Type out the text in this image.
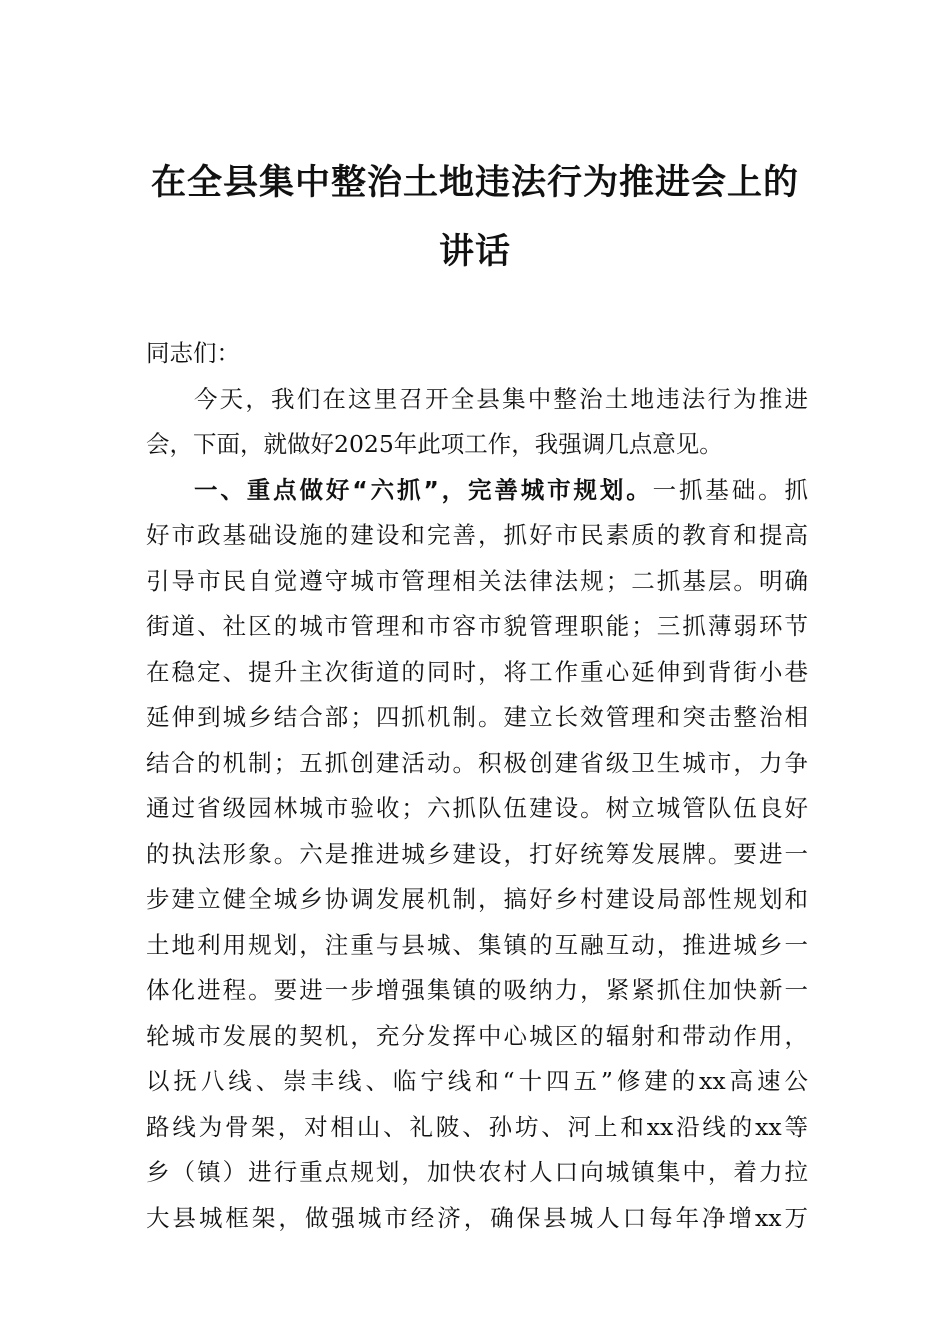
在全县集中整治土地违法行为推进会上的
讲话
同志们：
今天，我们在这里召开全县集中整治土地违法行为推进
会，下面，就做好2025年此项工作，我强调几点意见。
一、重点做好“六抓”，完善城市规划。一抓基础。抓
好市政基础设施的建设和完善，抓好市民素质的教育和提高
引导市民自觉遵守城市管理相关法律法规；二抓基层。明确
街道、社区的城市管理和市容市貌管理职能；三抓薄弱环节
在稳定、提升主次街道的同时，将工作重心延伸到背街小巷
延伸到城乡结合部；四抓机制。建立长效管理和突击整治相
结合的机制；五抓创建活动。积极创建省级卫生城市，力争
通过省级园林城市验收；六抓队伍建设。树立城管队伍良好
的执法形象。六是推进城乡建设，打好统筹发展牌。要进一
步建立健全城乡协调发展机制，搞好乡村建设局部性规划和
土地利用规划，注重与县城、集镇的互融互动，推进城乡一
体化进程。要进一步增强集镇的吸纳力，紧紧抓住加快新一
轮城市发展的契机，充分发挥中心城区的辐射和带动作用，
以抚八线、崇丰线、临宁线和“十四五”修建的xx高速公
路线为骨架，对相山、礼陂、孙坊、河上和xx沿线的xx等
乡（镇）进行重点规划，加快农村人口向城镇集中，着力拉
大县城框架，做强城市经济，确保县城人口每年净增xx万
